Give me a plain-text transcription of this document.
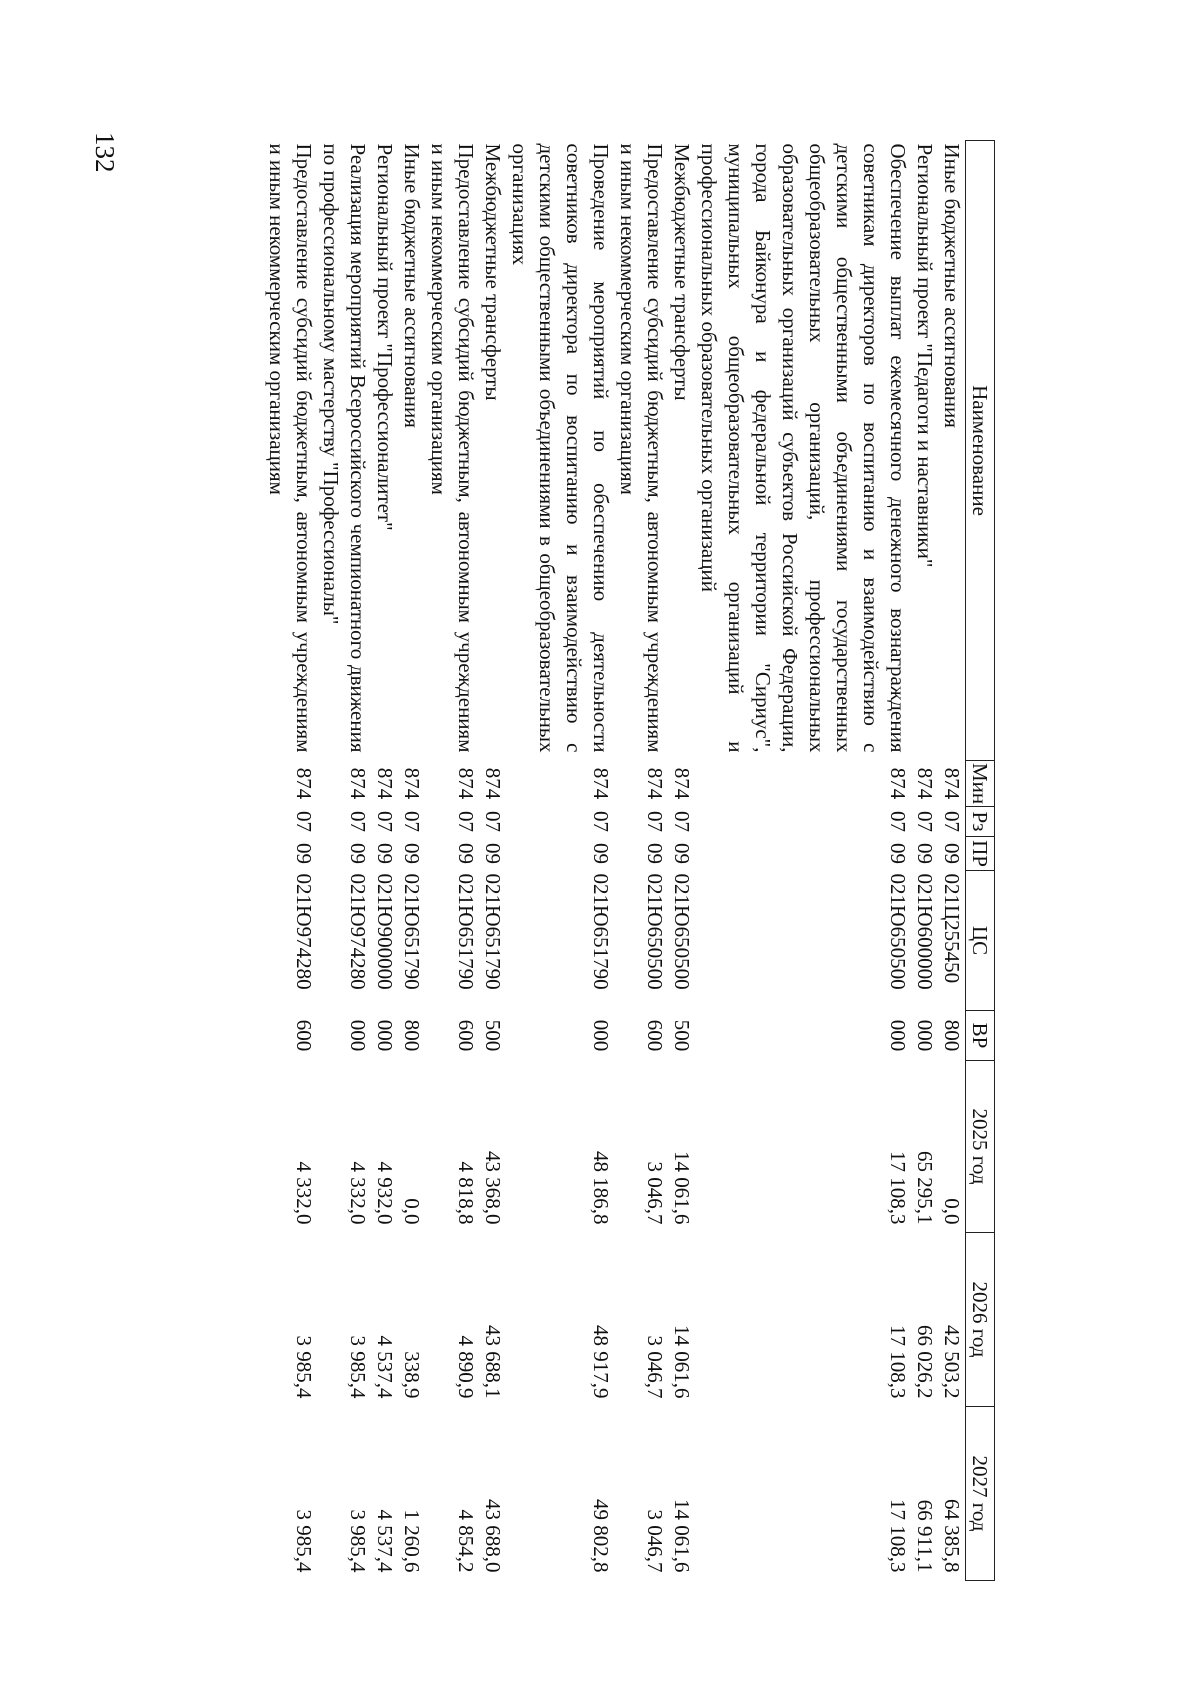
132
Наименование	Мин	Рз	ПР	ЦС	ВР	2025 год	2026 год	2027 год
Иные бюджетные ассигнования	874	07	09	021Ц255450	800	0,0	42 503,2	64 385,8
Региональный проект "Педагоги и наставники"	874	07	09	021Ю600000	000	65 295,1	66 026,2	66 911,1
Обеспечение выплат ежемесячного денежного вознаграждения советникам директоров по воспитанию и взаимодействию с детскими общественными объединениями государственных общеобразовательных организаций, профессиональных образовательных организаций субъектов Российской Федерации, города Байконура и федеральной территории "Сириус", муниципальных общеобразовательных организаций и профессиональных образовательных организаций	874	07	09	021Ю650500	000	17 108,3	17 108,3	17 108,3
Межбюджетные трансферты	874	07	09	021Ю650500	500	14 061,6	14 061,6	14 061,6
Предоставление субсидий бюджетным, автономным учреждениям и иным некоммерческим организациям	874	07	09	021Ю650500	600	3 046,7	3 046,7	3 046,7
Проведение мероприятий по обеспечению деятельности советников директора по воспитанию и взаимодействию с детскими общественными объединениями в общеобразовательных организациях	874	07	09	021Ю651790	000	48 186,8	48 917,9	49 802,8
Межбюджетные трансферты	874	07	09	021Ю651790	500	43 368,0	43 688,1	43 688,0
Предоставление субсидий бюджетным, автономным учреждениям и иным некоммерческим организациям	874	07	09	021Ю651790	600	4 818,8	4 890,9	4 854,2
Иные бюджетные ассигнования	874	07	09	021Ю651790	800	0,0	338,9	1 260,6
Региональный проект "Профессионалитет"	874	07	09	021Ю900000	000	4 932,0	4 537,4	4 537,4
Реализация мероприятий Всероссийского чемпионатного движения по профессиональному мастерству "Профессионалы"	874	07	09	021Ю974280	000	4 332,0	3 985,4	3 985,4
Предоставление субсидий бюджетным, автономным учреждениям и иным некоммерческим организациям	874	07	09	021Ю974280	600	4 332,0	3 985,4	3 985,4
